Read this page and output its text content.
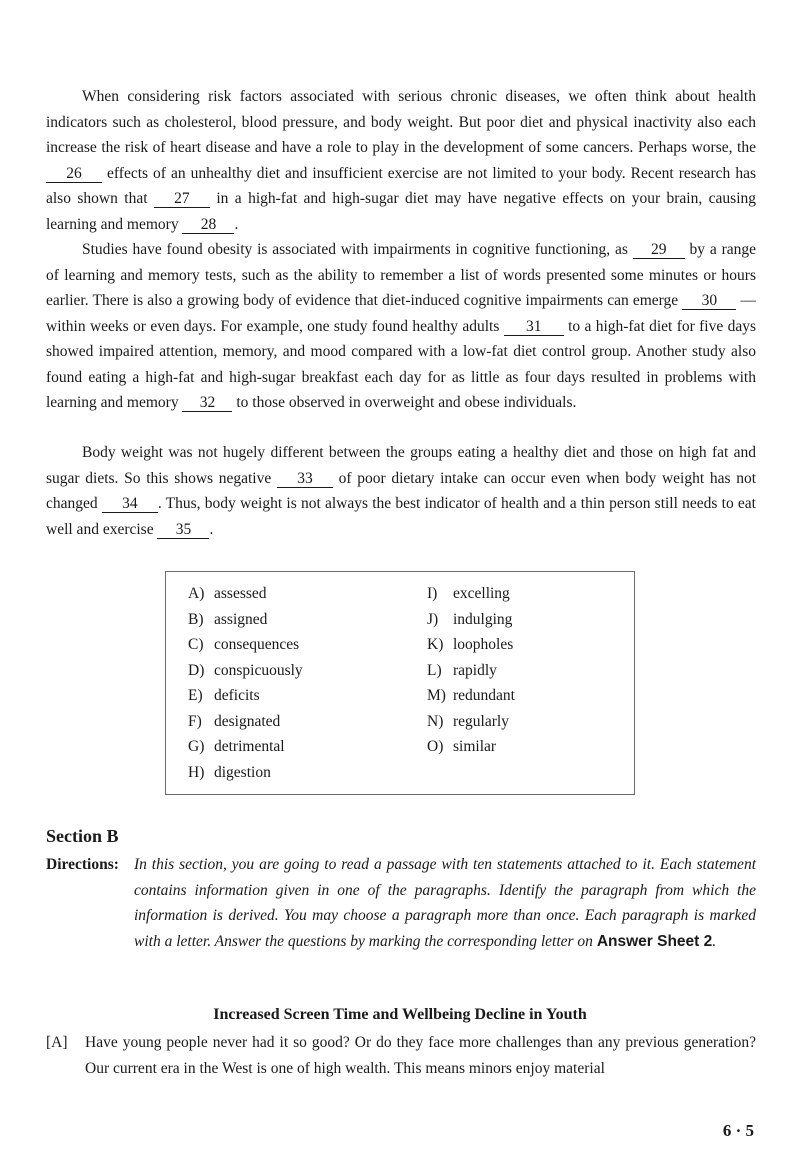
When considering risk factors associated with serious chronic diseases, we often think about health indicators such as cholesterol, blood pressure, and body weight. But poor diet and physical inactivity also each increase the risk of heart disease and have a role to play in the development of some cancers. Perhaps worse, the 26 effects of an unhealthy diet and insufficient exercise are not limited to your body. Recent research has also shown that 27 in a high-fat and high-sugar diet may have negative effects on your brain, causing learning and memory 28 .
Studies have found obesity is associated with impairments in cognitive functioning, as 29 by a range of learning and memory tests, such as the ability to remember a list of words presented some minutes or hours earlier. There is also a growing body of evidence that diet-induced cognitive impairments can emerge 30 —within weeks or even days. For example, one study found healthy adults 31 to a high-fat diet for five days showed impaired attention, memory, and mood compared with a low-fat diet control group. Another study also found eating a high-fat and high-sugar breakfast each day for as little as four days resulted in problems with learning and memory 32 to those observed in overweight and obese individuals.
Body weight was not hugely different between the groups eating a healthy diet and those on high fat and sugar diets. So this shows negative 33 of poor dietary intake can occur even when body weight has not changed 34 . Thus, body weight is not always the best indicator of health and a thin person still needs to eat well and exercise 35 .
A) assessed
B) assigned
C) consequences
D) conspicuously
E) deficits
F) designated
G) detrimental
H) digestion
I) excelling
J) indulging
K) loopholes
L) rapidly
M) redundant
N) regularly
O) similar
Section B
Directions: In this section, you are going to read a passage with ten statements attached to it. Each statement contains information given in one of the paragraphs. Identify the paragraph from which the information is derived. You may choose a paragraph more than once. Each paragraph is marked with a letter. Answer the questions by marking the corresponding letter on Answer Sheet 2.
Increased Screen Time and Wellbeing Decline in Youth
[A] Have young people never had it so good? Or do they face more challenges than any previous generation? Our current era in the West is one of high wealth. This means minors enjoy material
6 · 5
